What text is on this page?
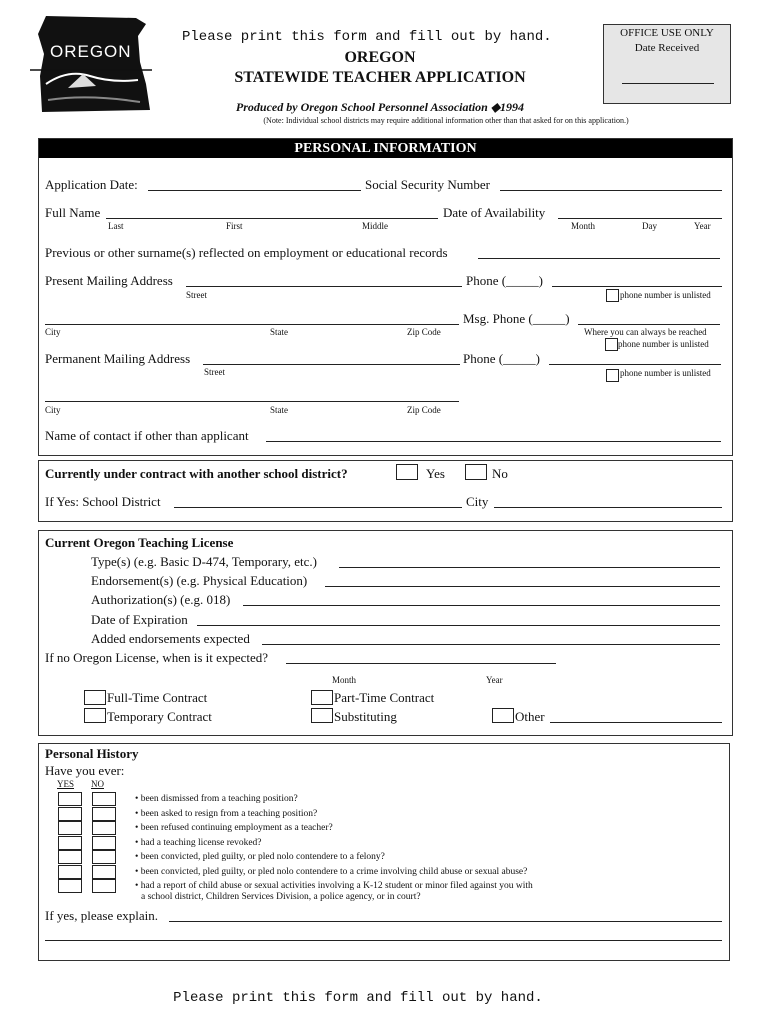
OREGON
Please print this form and fill out by hand.
OREGON
STATEWIDE TEACHER APPLICATION
Produced by Oregon School Personnel Association ◆1994
(Note: Individual school districts may require additional information other than that asked for on this application.)
OFFICE USE ONLY
Date Received
PERSONAL INFORMATION
Application Date:	Social Security Number
Full Name
Last	First	Middle
Date of Availability
Month	Day	Year
Previous or other surname(s) reflected on employment or educational records
Present Mailing Address
Street
Phone (_____)
phone number is unlisted
Msg. Phone (_____)
City	State	Zip Code	Where you can always be reached
phone number is unlisted
Permanent Mailing Address
Street
Phone (_____)
phone number is unlisted
City	State	Zip Code
Name of contact if other than applicant
Currently under contract with another school district?	Yes	No
If Yes: School District	City
Current Oregon Teaching License
Type(s) (e.g. Basic D-474, Temporary, etc.)
Endorsement(s) (e.g. Physical Education)
Authorization(s) (e.g. 018)
Date of Expiration
Added endorsements expected
If no Oregon License, when is it expected?
Month	Year
Full-Time Contract	Part-Time Contract
Temporary Contract	Substituting	Other
Personal History
Have you ever:
YES NO
• been dismissed from a teaching position?
• been asked to resign from a teaching position?
• been refused continuing employment as a teacher?
• had a teaching license revoked?
• been convicted, pled guilty, or pled nolo contendere to a felony?
• been convicted, pled guilty, or pled nolo contendere to a crime involving child abuse or sexual abuse?
• had a report of child abuse or sexual activities involving a K-12 student or minor filed against you with
a school district, Children Services Division, a police agency, or in court?
If yes, please explain.
Please print this form and fill out by hand.
